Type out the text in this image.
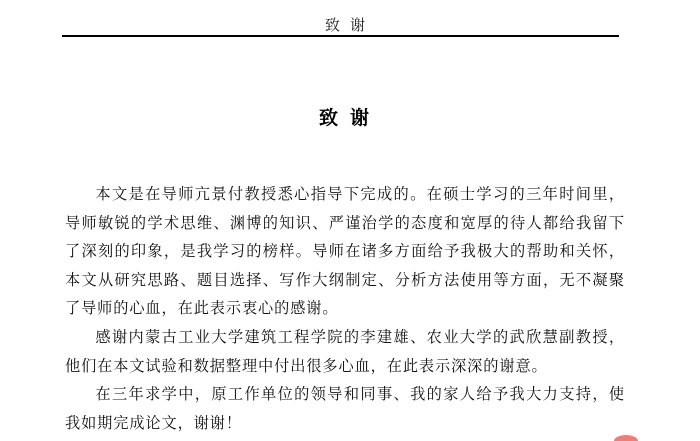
致谢
致谢

本文是在导师亢景付教授悉心指导下完成的。在硕士学习的三年时间里，导师敏锐的学术思维、渊博的知识、严谨治学的态度和宽厚的待人都给我留下了深刻的印象，是我学习的榜样。导师在诸多方面给予我极大的帮助和关怀，本文从研究思路、题目选择、写作大纲制定、分析方法使用等方面，无不凝聚了导师的心血，在此表示衷心的感谢。

感谢内蒙古工业大学建筑工程学院的李建雄、农业大学的武欣慧副教授，他们在本文试验和数据整理中付出很多心血，在此表示深深的谢意。

在三年求学中，原工作单位的领导和同事、我的家人给予我大力支持，使我如期完成论文，谢谢！
